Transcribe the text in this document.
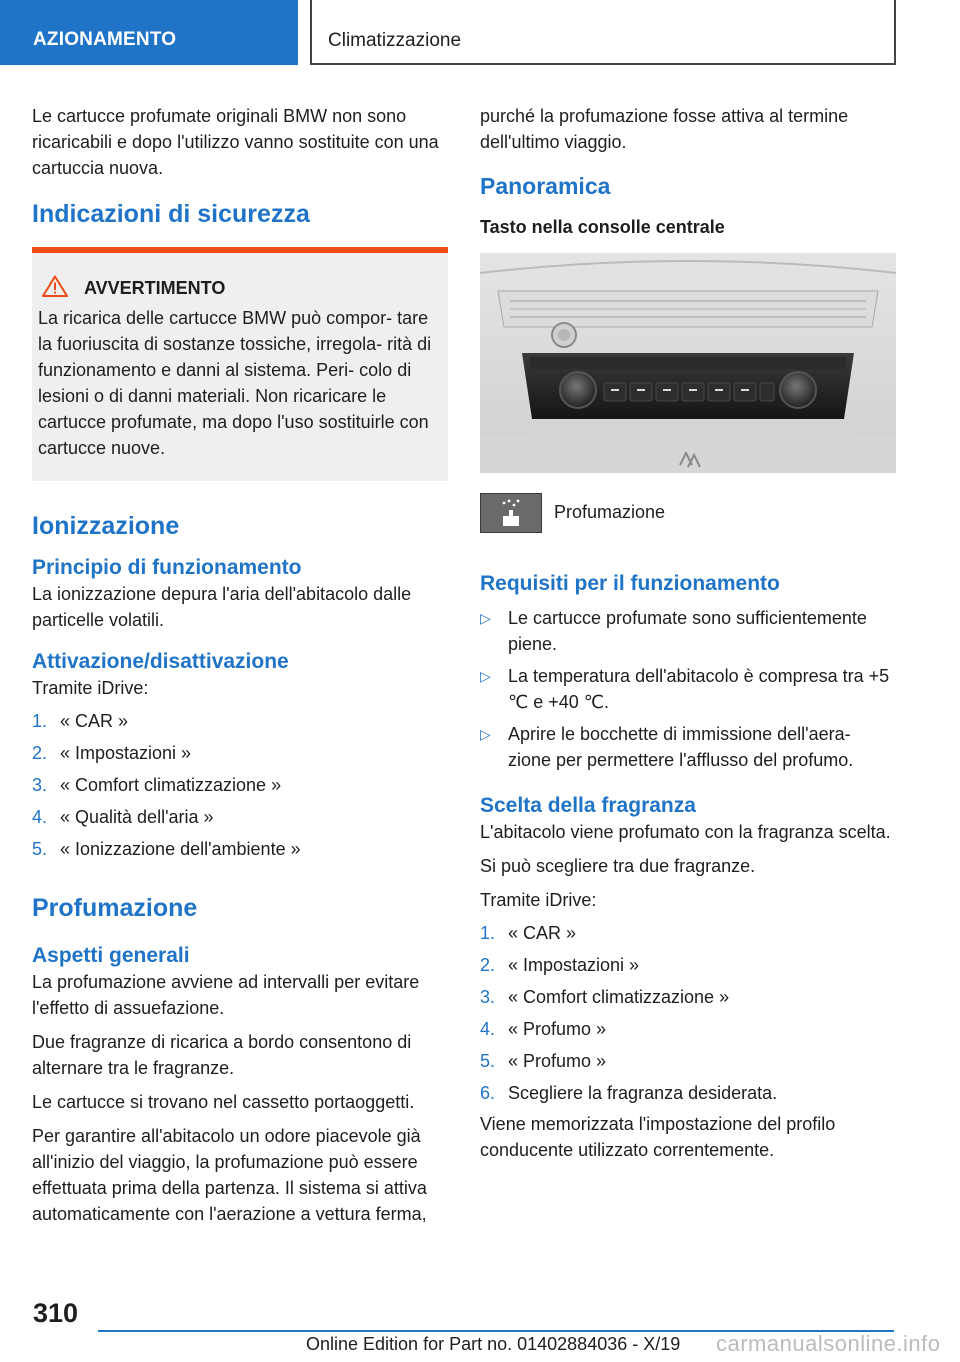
AZIONAMENTO	Climatizzazione

Le cartucce profumate originali BMW non sono ricaricabili e dopo l'utilizzo vanno sostituite con una cartuccia nuova.

Indicazioni di sicurezza
AVVERTIMENTO

La ricarica delle cartucce BMW può compor- tare la fuoriuscita di sostanze tossiche, irregola- rità di funzionamento e danni al sistema. Peri- colo di lesioni o di danni materiali. Non ricaricare le cartucce profumate, ma dopo l'uso sostituirle con cartucce nuove.

Ionizzazione
Principio di funzionamento

La ionizzazione depura l'aria dell'abitacolo dalle particelle volatili.

Attivazione/disattivazione

Tramite iDrive:

1. « CAR »
2. « Impostazioni »
3. « Comfort climatizzazione »
4. « Qualità dell'aria »
5. « Ionizzazione dell'ambiente »
Profumazione
Aspetti generali

La profumazione avviene ad intervalli per evitare l'effetto di assuefazione.

Due fragranze di ricarica a bordo consentono di alternare tra le fragranze.

Le cartucce si trovano nel cassetto portaoggetti.

Per garantire all'abitacolo un odore piacevole già all'inizio del viaggio, la profumazione può essere effettuata prima della partenza. Il sistema si attiva automaticamente con l'aerazione a vettura ferma,

purché la profumazione fosse attiva al termine dell'ultimo viaggio.

Panoramica
Tasto nella consolle centrale
Profumazione
Requisiti per il funzionamento
▷ Le cartucce profumate sono sufficientemente piene.
▷ La temperatura dell'abitacolo è compresa tra +5 ℃ e +40 ℃.
▷ Aprire le bocchette di immissione dell'aera- zione per permettere l'afflusso del profumo.
Scelta della fragranza

L'abitacolo viene profumato con la fragranza scelta.

Si può scegliere tra due fragranze.

Tramite iDrive:

1. « CAR »
2. « Impostazioni »
3. « Comfort climatizzazione »
4. « Profumo »
5. « Profumo »
6. Scegliere la fragranza desiderata.

Viene memorizzata l'impostazione del profilo conducente utilizzato correntemente.

310
Online Edition for Part no. 01402884036 - X/19 carmanualsonline.info
